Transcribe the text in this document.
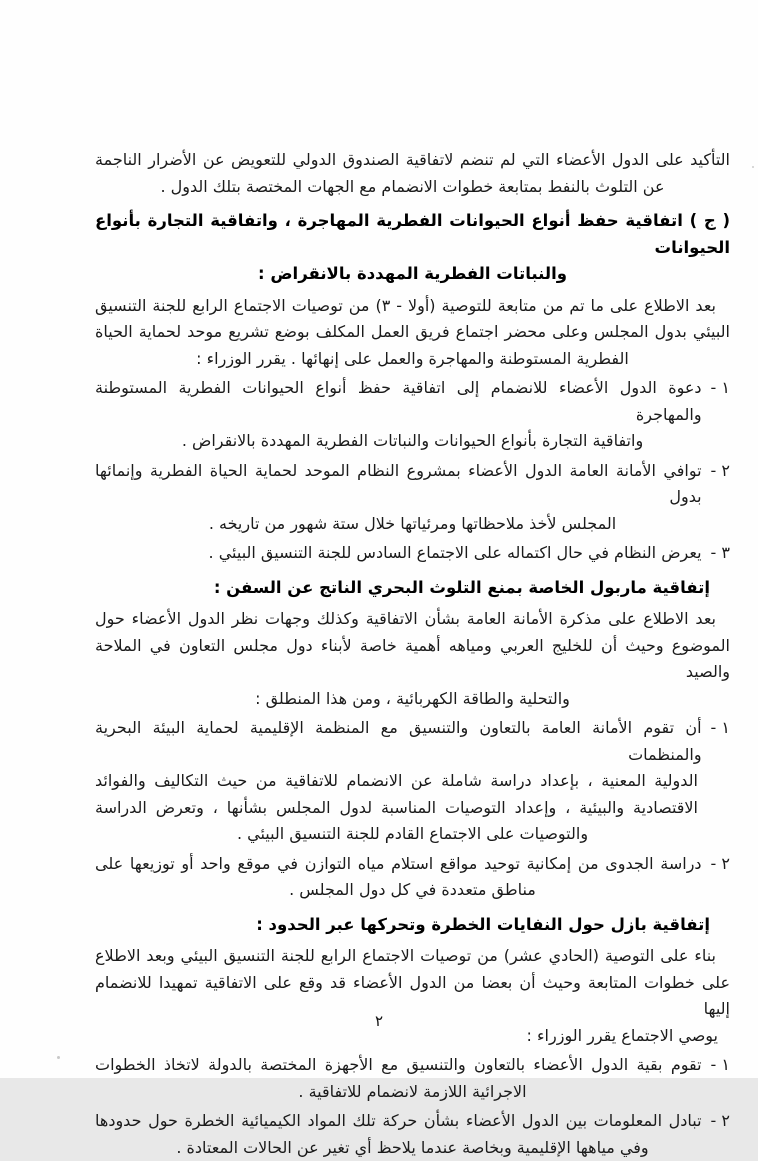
التأكيد على الدول الأعضاء التي لم تنضم لاتفاقية الصندوق الدولي للتعويض عن الأضرار الناجمة
عن التلوث بالنفط بمتابعة خطوات الانضمام مع الجهات المختصة بتلك الدول .
( ج ) اتفاقية حفظ أنواع الحيوانات الفطرية المهاجرة ، واتفاقية التجارة بأنواع الحيوانات
والنباتات الفطرية المهددة بالانقراض :
بعد الاطلاع على ما تم من متابعة للتوصية (أولا - ٣) من توصيات الاجتماع الرابع للجنة التنسيق
البيئي بدول المجلس وعلى محضر اجتماع فريق العمل المكلف بوضع تشريع موحد لحماية الحياة
الفطرية المستوطنة والمهاجرة والعمل على إنهائها . يقرر الوزراء :
١ -
دعوة الدول الأعضاء للانضمام إلى اتفاقية حفظ أنواع الحيوانات الفطرية المستوطنة والمهاجرة
واتفاقية التجارة بأنواع الحيوانات والنباتات الفطرية المهددة بالانقراض .
٢ -
توافي الأمانة العامة الدول الأعضاء بمشروع النظام الموحد لحماية الحياة الفطرية وإنمائها بدول
المجلس لأخذ ملاحظاتها ومرئياتها خلال ستة شهور من تاريخه .
٣ -
يعرض النظام في حال اكتماله على الاجتماع السادس للجنة التنسيق البيئي .
إتفاقية ماربول الخاصة بمنع التلوث البحري الناتج عن السفن :
بعد الاطلاع على مذكرة الأمانة العامة بشأن الاتفاقية وكذلك وجهات نظر الدول الأعضاء حول
الموضوع وحيث أن للخليج العربي ومياهه أهمية خاصة لأبناء دول مجلس التعاون في الملاحة والصيد
والتحلية والطاقة الكهربائية ، ومن هذا المنطلق :
١ -
أن تقوم الأمانة العامة بالتعاون والتنسيق مع المنظمة الإقليمية لحماية البيئة البحرية والمنظمات
الدولية المعنية ، بإعداد دراسة شاملة عن الانضمام للاتفاقية من حيث التكاليف والفوائد
الاقتصادية والبيئية ، وإعداد التوصيات المناسبة لدول المجلس بشأنها ، وتعرض الدراسة
والتوصيات على الاجتماع القادم للجنة التنسيق البيئي .
٢ -
دراسة الجدوى من إمكانية توحيد مواقع استلام مياه التوازن في موقع واحد أو توزيعها على
مناطق متعددة في كل دول المجلس .
إتفاقية بازل حول النفايات الخطرة وتحركها عبر الحدود :
بناء على التوصية (الحادي عشر) من توصيات الاجتماع الرابع للجنة التنسيق البيئي وبعد الاطلاع
على خطوات المتابعة وحيث أن بعضا من الدول الأعضاء قد وقع على الاتفاقية تمهيدا للانضمام إليها
يوصي الاجتماع يقرر الوزراء :
١ -
تقوم بقية الدول الأعضاء بالتعاون والتنسيق مع الأجهزة المختصة بالدولة لاتخاذ الخطوات
الاجرائية اللازمة لانضمام للاتفاقية .
٢ -
تبادل المعلومات بين الدول الأعضاء بشأن حركة تلك المواد الكيميائية الخطرة حول حدودها
وفي مياهها الإقليمية وبخاصة عندما يلاحظ أي تغير عن الحالات المعتادة .
٢
